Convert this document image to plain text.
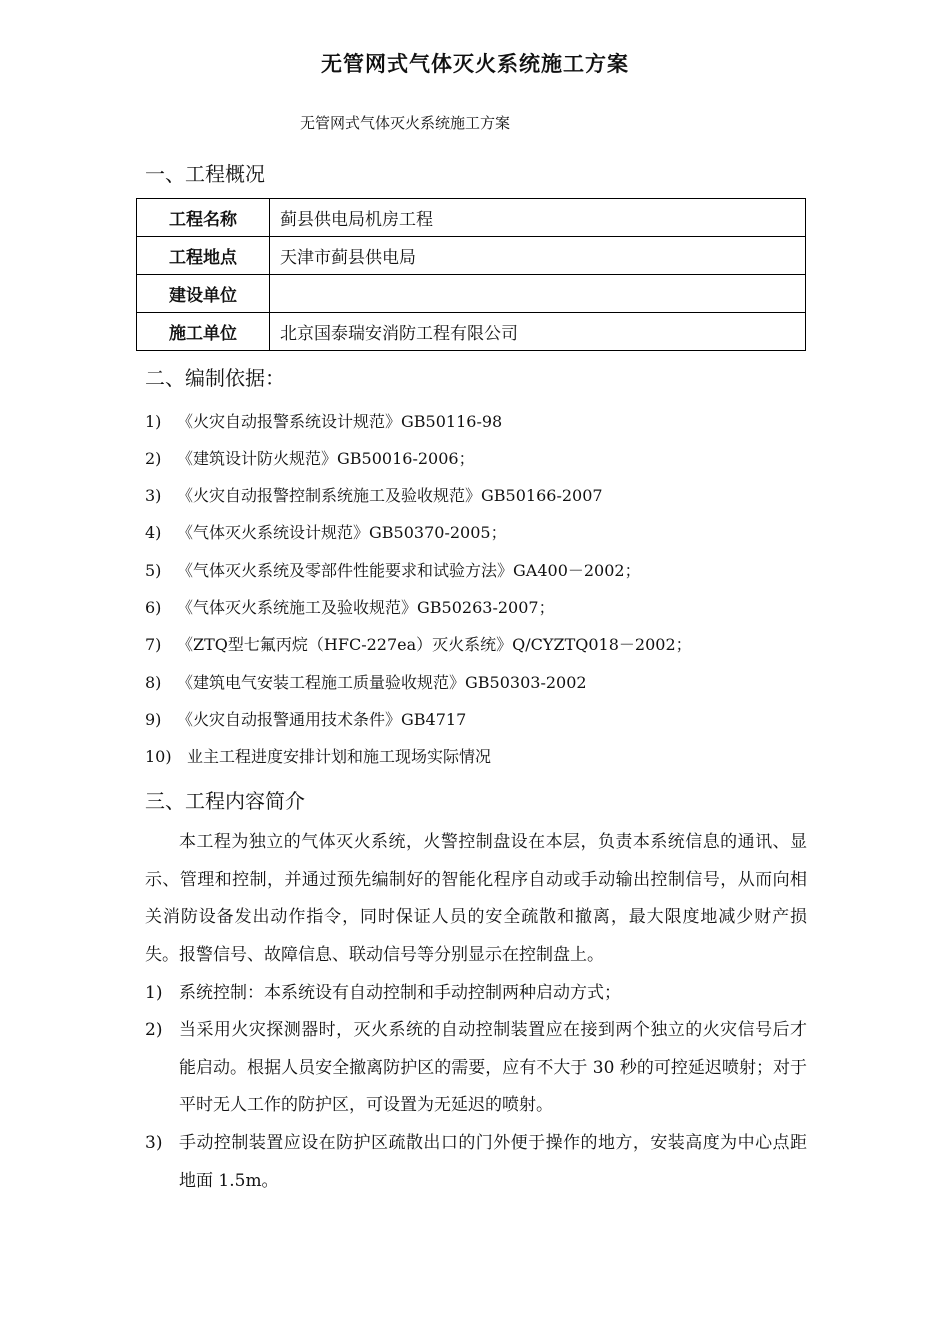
无管网式气体灭火系统施工方案
无管网式气体灭火系统施工方案
一、工程概况
工程名称	蓟县供电局机房工程
工程地点	天津市蓟县供电局
建设单位	
施工单位	北京国泰瑞安消防工程有限公司
二、编制依据：
1) 《火灾自动报警系统设计规范》GB50116-98
2) 《建筑设计防火规范》GB50016-2006；
3) 《火灾自动报警控制系统施工及验收规范》GB50166-2007
4) 《气体灭火系统设计规范》GB50370-2005；
5) 《气体灭火系统及零部件性能要求和试验方法》GA400－2002；
6) 《气体灭火系统施工及验收规范》GB50263-2007；
7) 《ZTQ型七氟丙烷（HFC-227ea）灭火系统》Q/CYZTQ018－2002；
8) 《建筑电气安装工程施工质量验收规范》GB50303-2002
9) 《火灾自动报警通用技术条件》GB4717
10) 业主工程进度安排计划和施工现场实际情况
三、工程内容简介
本工程为独立的气体灭火系统，火警控制盘设在本层，负责本系统信息的通讯、显示、管理和控制，并通过预先编制好的智能化程序自动或手动输出控制信号，从而向相关消防设备发出动作指令，同时保证人员的安全疏散和撤离，最大限度地减少财产损失。报警信号、故障信息、联动信号等分别显示在控制盘上。
1) 系统控制：本系统设有自动控制和手动控制两种启动方式；
2) 当采用火灾探测器时，灭火系统的自动控制装置应在接到两个独立的火灾信号后才能启动。根据人员安全撤离防护区的需要，应有不大于 30 秒的可控延迟喷射；对于平时无人工作的防护区，可设置为无延迟的喷射。
3) 手动控制装置应设在防护区疏散出口的门外便于操作的地方，安装高度为中心点距地面 1.5m。
